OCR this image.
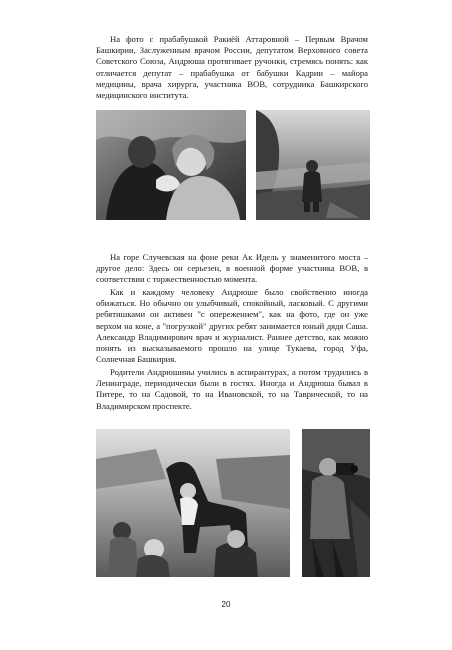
На фото с прабабушкой Ракиёй Аттаровной – Первым Врачом Башкирии, Заслуженным врачом России, депутатом Верховного совета Советского Союза, Андрюша протягивает ручонки, стремясь понять: как отличается депутат – прабабушка от бабушки Кадрии – майора медицины, врача хирурга, участника ВОВ, сотрудника Башкирского медицинского института.

На горе Случевская на фоне реки Ак Идель у знаменитого моста – другое дело: Здесь он серьезен, в военной форме участника ВОВ, в соответствии с торжественностью момента.

Как и каждому человеку Андрюше было свойственно иногда обижаться. Но обычно он улыбчивый, спокойный, ласковый. С другими ребятишками он активен "с опережением", как на фото, где он уже верхом на коне, а "погрузкой" других ребят занимается юный дядя Саша. Александр Владимирович врач и журналист. Раннее детство, как можно понять из высказываемого прошло на улице Тукаева, город Уфа, Солнечная Башкирия.

Родители Андрюшины учились в аспирантурах, а потом трудились в Ленинграде, периодически были в гостях. Иногда и Андрюша бывал в Питере, то на Садовой, то на Ивановской, то на Таврической, то на Владимирском проспекте.

20
